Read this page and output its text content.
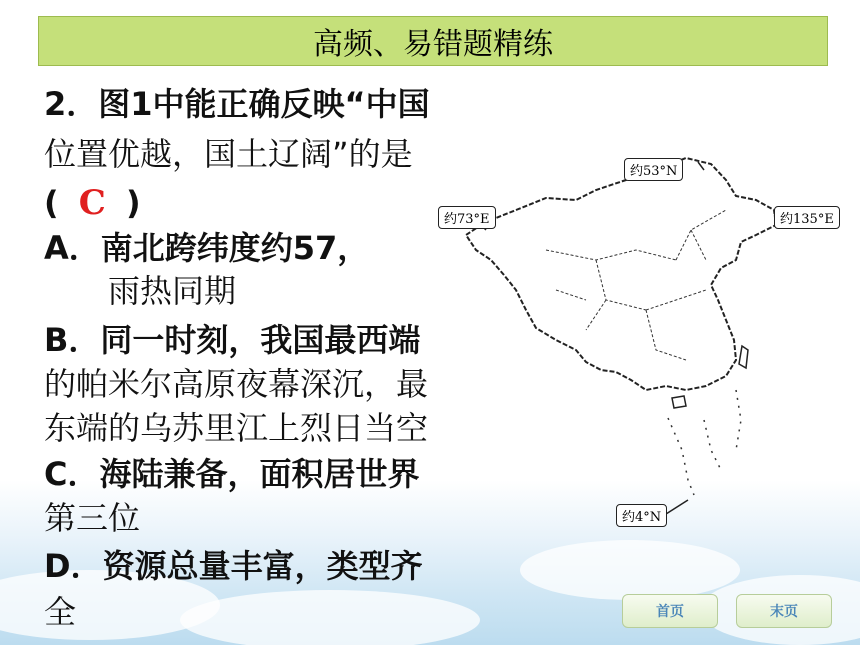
高频、易错题精练
2．图1中能正确反映“中国
位置优越，国土辽阔”的是
( C )
A．南北跨纬度约57，
雨热同期
B．同一时刻，我国最西端
的帕米尔高原夜幕深沉，最
东端的乌苏里江上烈日当空
C．海陆兼备，面积居世界
第三位
D．资源总量丰富，类型齐
全
约53°N
约73°E	约135°E
约4°N
首页	末页
